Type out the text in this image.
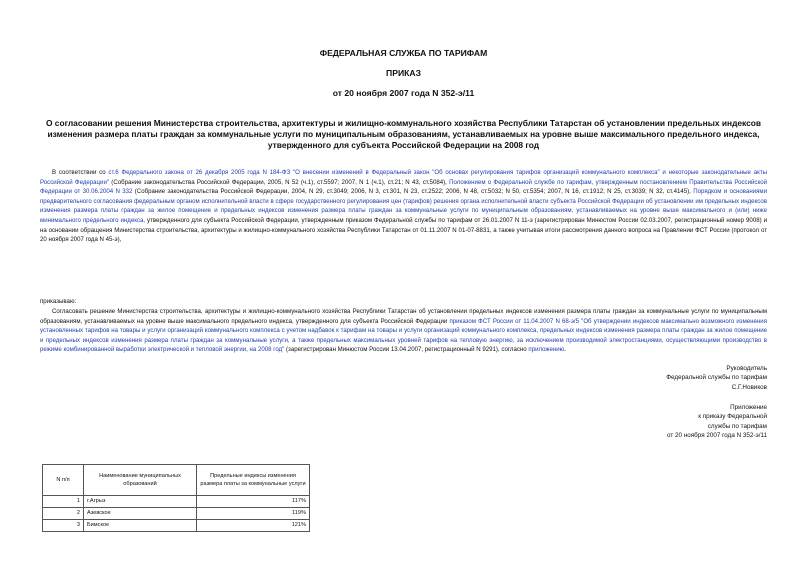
ФЕДЕРАЛЬНАЯ СЛУЖБА ПО ТАРИФАМ
ПРИКАЗ
от 20 ноября 2007 года N 352-э/11
О согласовании решения Министерства строительства, архитектуры и жилищно-коммунального хозяйства Республики Татарстан об установлении предельных индексов изменения размера платы граждан за коммунальные услуги по муниципальным образованиям, устанавливаемых на уровне выше максимального предельного индекса, утвержденного для субъекта Российской Федерации на 2008 год
В соответствии со ст.6 Федерального закона от 26 декабря 2005 года N 184-ФЗ "О внесении изменений в Федеральный закон "Об основах регулирования тарифов организаций коммунального комплекса" и некоторые законодательные акты Российской Федерации" (Собрание законодательства Российской Федерации, 2005, N 52 (ч.1), ст.5597; 2007, N 1 (ч.1), ст.21; N 43, ст.5084), Положением о Федеральной службе по тарифам, утвержденным постановлением Правительства Российской Федерации от 30.06.2004 N 332 (Собрание законодательства Российской Федерации, 2004, N 29, ст.3049; 2006, N 3, ст.301, N 23, ст.2522; 2006, N 48, ст.5032; N 50, ст.5354; 2007, N 16, ст.1912; N 25, ст.3039; N 32, ст.4145), Порядком и основаниями предварительного согласования федеральным органом исполнительной власти в сфере государственного регулирования цен (тарифов) решения органа исполнительной власти субъекта Российской Федерации об установлении им предельных индексов изменения размера платы граждан за жилое помещение и предельных индексов изменения размера платы граждан за коммунальные услуги по муниципальным образованиям, устанавливаемых на уровне выше максимального и (или) ниже минимального предельного индекса, утвержденного для субъекта Российской Федерации, утвержденным приказом Федеральной службы по тарифам от 26.01.2007 N 11-э (зарегистрирован Минюстом России 02.03.2007, регистрационный номер 9008) и на основании обращения Министерства строительства, архитектуры и жилищно-коммунального хозяйства Республики Татарстан от 01.11.2007 N 01-07-8831, а также учитывая итоги рассмотрения данного вопроса на Правлении ФСТ России (протокол от 20 ноября 2007 года N 45-э),
приказываю:
Согласовать решение Министерства строительства, архитектуры и жилищно-коммунального хозяйства Республики Татарстан об установлении предельных индексов изменения размера платы граждан за коммунальные услуги по муниципальным образованиям, устанавливаемых на уровне выше максимального предельного индекса, утвержденного для субъекта Российской Федерации приказом ФСТ России от 11.04.2007 N 68-э/5 "Об утверждении индексов максимально возможного изменения установленных тарифов на товары и услуги организаций коммунального комплекса с учетом надбавок к тарифам на товары и услуги организаций коммунального комплекса, предельных индексов изменения размера платы граждан за жилое помещение и предельных индексов изменения размера платы граждан за коммунальные услуги, а также предельных максимальных уровней тарифов на тепловую энергию, за исключением производимой электростанциями, осуществляющими производство в режиме комбинированной выработки электрической и тепловой энергии, на 2008 год" (зарегистрирован Минюстом России 13.04.2007, регистрационный N 9291), согласно приложению.
Руководитель
Федеральной службы по тарифам
С.Г.Новиков
Приложение
к приказу Федеральной
службы по тарифам
от 20 ноября 2007 года N 352-э/11
N п/п	Наименование муниципальных образований	Предельные индексы изменения размера платы за коммунальные услуги
1	г.Агрыз	117%
2	Азевское	119%
3	Бимское	121%
